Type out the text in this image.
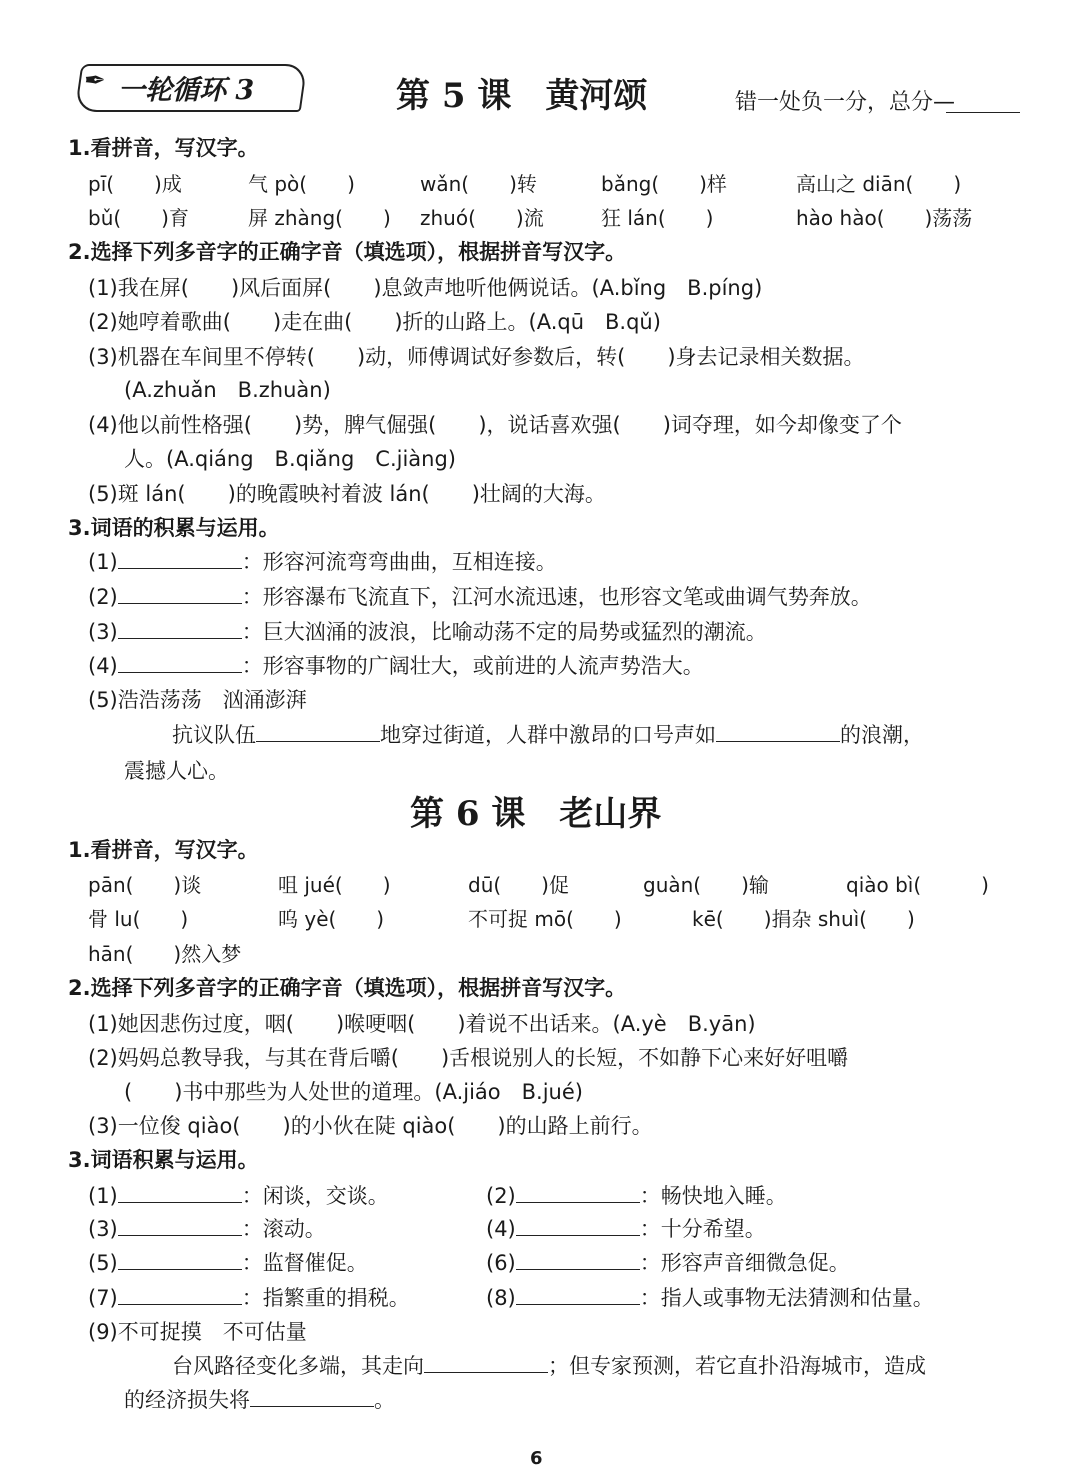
✒ 一轮循环 3	第 5 课　黄河颂	错一处负一分，总分—
1.看拼音，写汉字。
pī(　　)成	气 pò(　　)	wǎn(　　)转	bǎng(　　)样	高山之 diān(　　)
bǔ(　　)育	屏 zhàng(　　) zhuó(　　)流	狂 lán(　　)	hào hào(　　)荡荡
2.选择下列多音字的正确字音（填选项），根据拼音写汉字。
(1)我在屏(　　)风后面屏(　　)息敛声地听他俩说话。(A.bǐng　B.píng)
(2)她哼着歌曲(　　)走在曲(　　)折的山路上。(A.qū　B.qǔ)
(3)机器在车间里不停转(　　)动，师傅调试好参数后，转(　　)身去记录相关数据。
(A.zhuǎn　B.zhuàn)
(4)他以前性格强(　　)势，脾气倔强(　　)，说话喜欢强(　　)词夺理，如今却像变了个
人。(A.qiáng　B.qiǎng　C.jiàng)
(5)斑 lán(　　)的晚霞映衬着波 lán(　　)壮阔的大海。
3.词语的积累与运用。
(1)	：形容河流弯弯曲曲，互相连接。
(2)	：形容瀑布飞流直下，江河水流迅速，也形容文笔或曲调气势奔放。
(3)	：巨大汹涌的波浪，比喻动荡不定的局势或猛烈的潮流。
(4)	：形容事物的广阔壮大，或前进的人流声势浩大。
(5)浩浩荡荡　汹涌澎湃
抗议队伍	地穿过街道，人群中激昂的口号声如	的浪潮，
震撼人心。
第 6 课　老山界
1.看拼音，写汉字。
pān(　　)谈	咀 jué(　　)	dū(　　)促	guàn(　　)输	qiào bì(　　　)
骨 lu(　　)	呜 yè(　　)	不可捉 mō(　　)	kē(　　)捐杂 shuì(　　)
hān(　　)然入梦
2.选择下列多音字的正确字音（填选项），根据拼音写汉字。
(1)她因悲伤过度，咽(　　)喉哽咽(　　)着说不出话来。(A.yè　B.yān)
(2)妈妈总教导我，与其在背后嚼(　　)舌根说别人的长短，不如静下心来好好咀嚼
(　　)书中那些为人处世的道理。(A.jiáo　B.jué)
(3)一位俊 qiào(　　)的小伙在陡 qiào(　　)的山路上前行。
3.词语积累与运用。
(1)	：闲谈，交谈。	(2)	：畅快地入睡。
(3)	：滚动。	(4)	：十分希望。
(5)	：监督催促。	(6)	：形容声音细微急促。
(7)	：指繁重的捐税。	(8)	：指人或事物无法猜测和估量。
(9)不可捉摸　不可估量
台风路径变化多端，其走向	；但专家预测，若它直扑沿海城市，造成
的经济损失将	。
6
